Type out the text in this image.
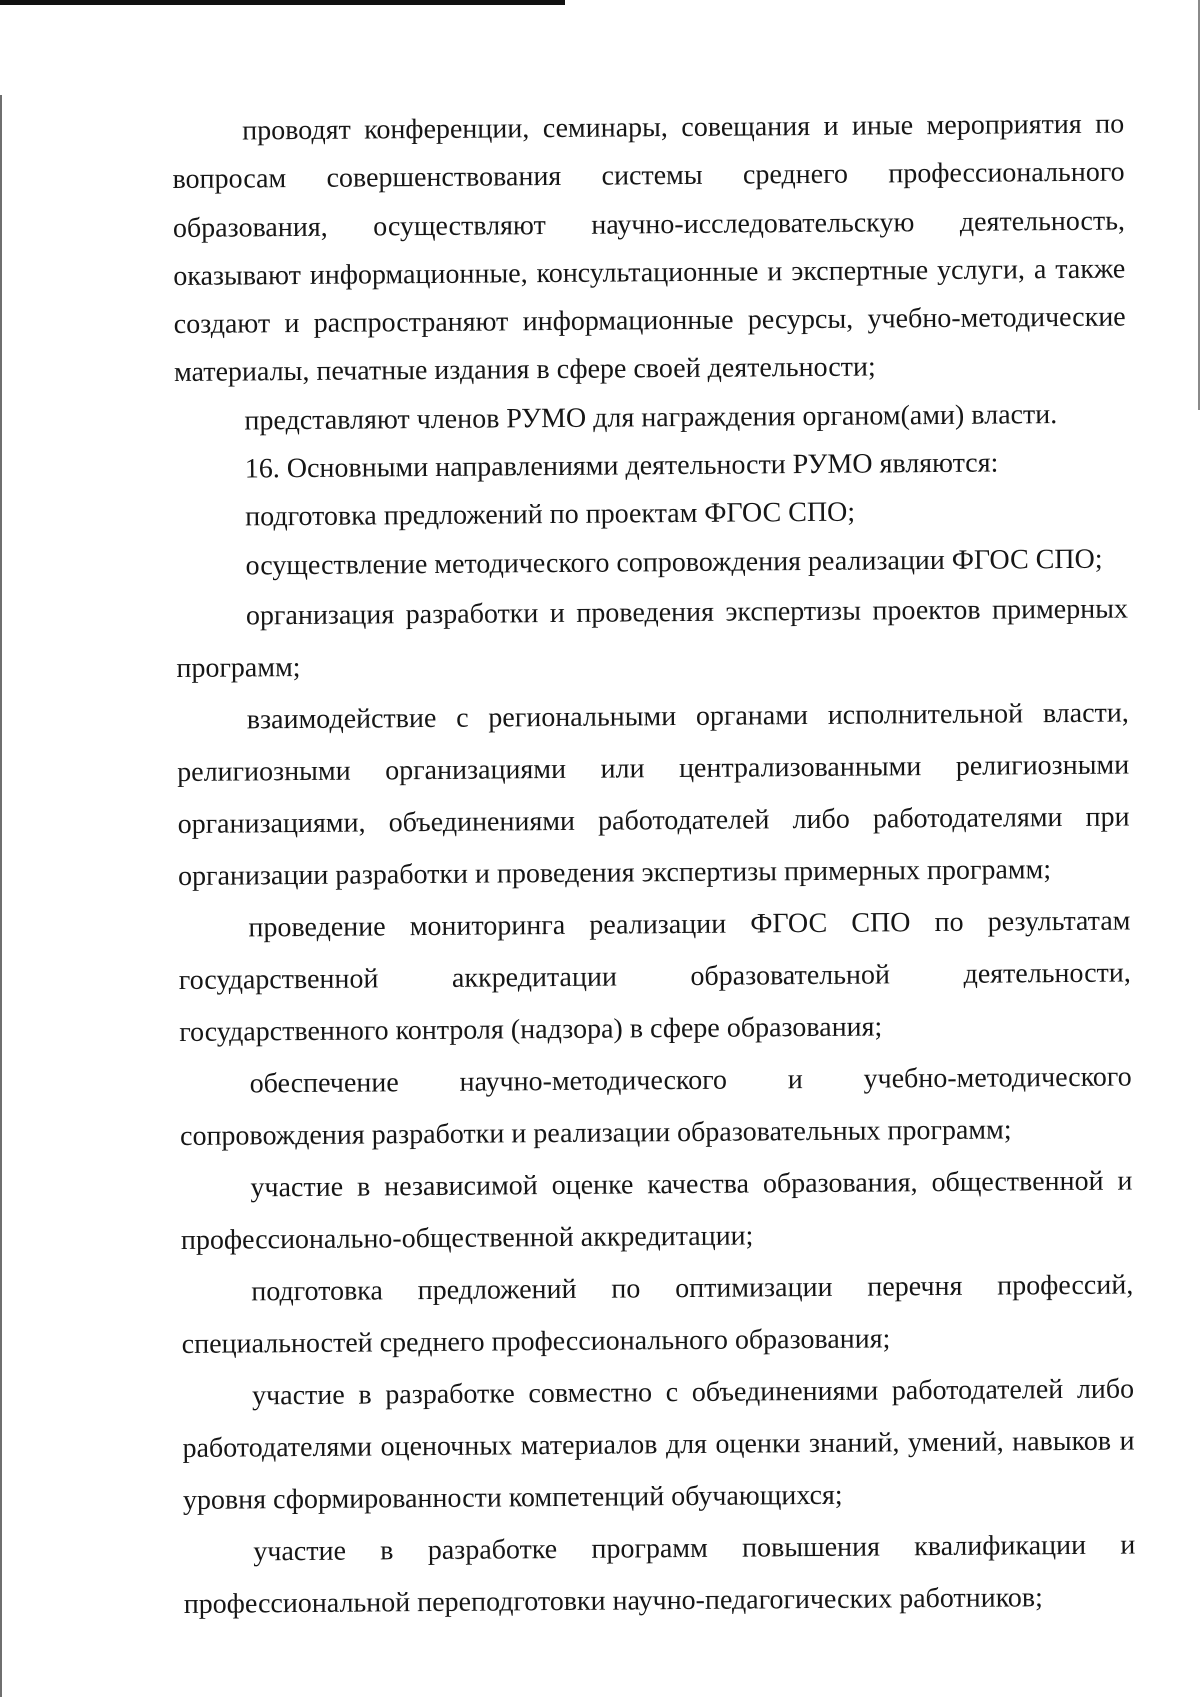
проводят конференции, семинары, совещания и иные мероприятия по вопросам совершенствования системы среднего профессионального образования, осуществляют научно-исследовательскую деятельность, оказывают информационные, консультационные и экспертные услуги, а также создают и распространяют информационные ресурсы, учебно-методические материалы, печатные издания в сфере своей деятельности;

представляют членов РУМО для награждения органом(ами) власти.

16. Основными направлениями деятельности РУМО являются:

подготовка предложений по проектам ФГОС СПО;

осуществление методического сопровождения реализации ФГОС СПО;

организация разработки и проведения экспертизы проектов примерных программ;

взаимодействие с региональными органами исполнительной власти, религиозными организациями или централизованными религиозными организациями, объединениями работодателей либо работодателями при организации разработки и проведения экспертизы примерных программ;

проведение мониторинга реализации ФГОС СПО по результатам государственной аккредитации образовательной деятельности, государственного контроля (надзора) в сфере образования;

обеспечение научно-методического и учебно-методического сопровождения разработки и реализации образовательных программ;

участие в независимой оценке качества образования, общественной и профессионально-общественной аккредитации;

подготовка предложений по оптимизации перечня профессий, специальностей среднего профессионального образования;

участие в разработке совместно с объединениями работодателей либо работодателями оценочных материалов для оценки знаний, умений, навыков и уровня сформированности компетенций обучающихся;

участие в разработке программ повышения квалификации и профессиональной переподготовки научно-педагогических работников;
